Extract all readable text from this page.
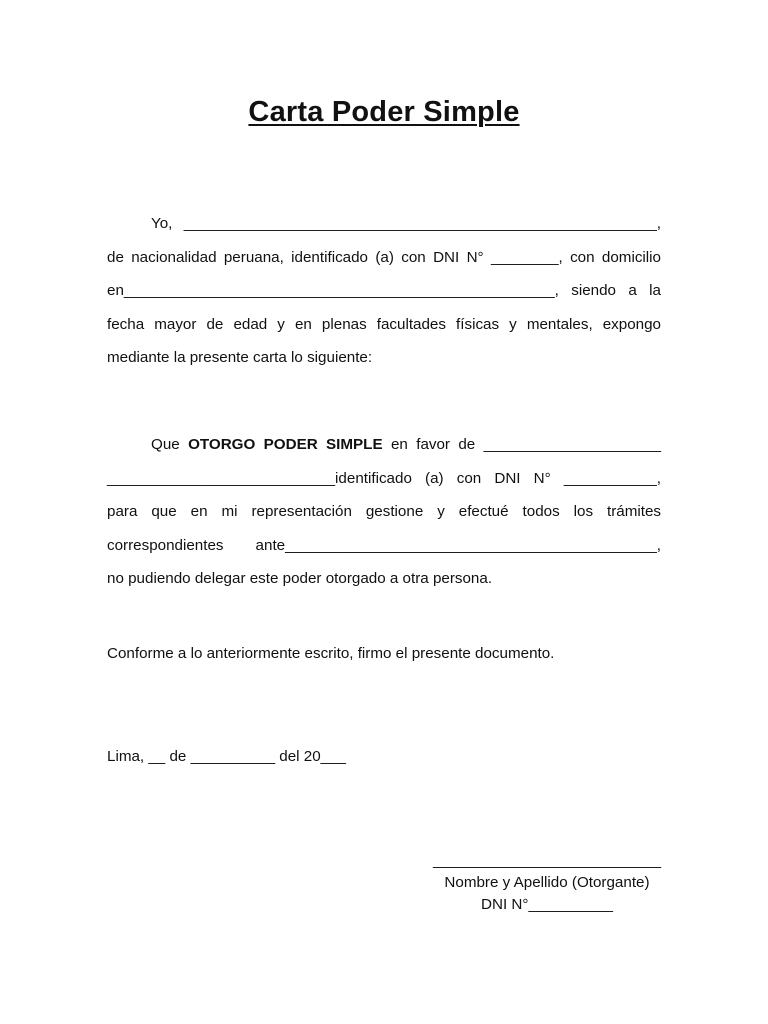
Carta Poder Simple
Yo, ________________________________________________________,
de nacionalidad peruana, identificado (a) con DNI N° ________, con domicilio
en___________________________________________________, siendo a la
fecha mayor de edad y en plenas facultades físicas y mentales, expongo
mediante la presente carta lo siguiente:
Que OTORGO PODER SIMPLE en favor de _____________________
___________________________identificado (a) con DNI N° ___________,
para que en mi representación gestione y efectué todos los trámites
correspondientes ante____________________________________________,
no pudiendo delegar este poder otorgado a otra persona.
Conforme a lo anteriormente escrito, firmo el presente documento.
Lima, __ de __________ del 20___
___________________________
Nombre y Apellido (Otorgante)
DNI N°__________
